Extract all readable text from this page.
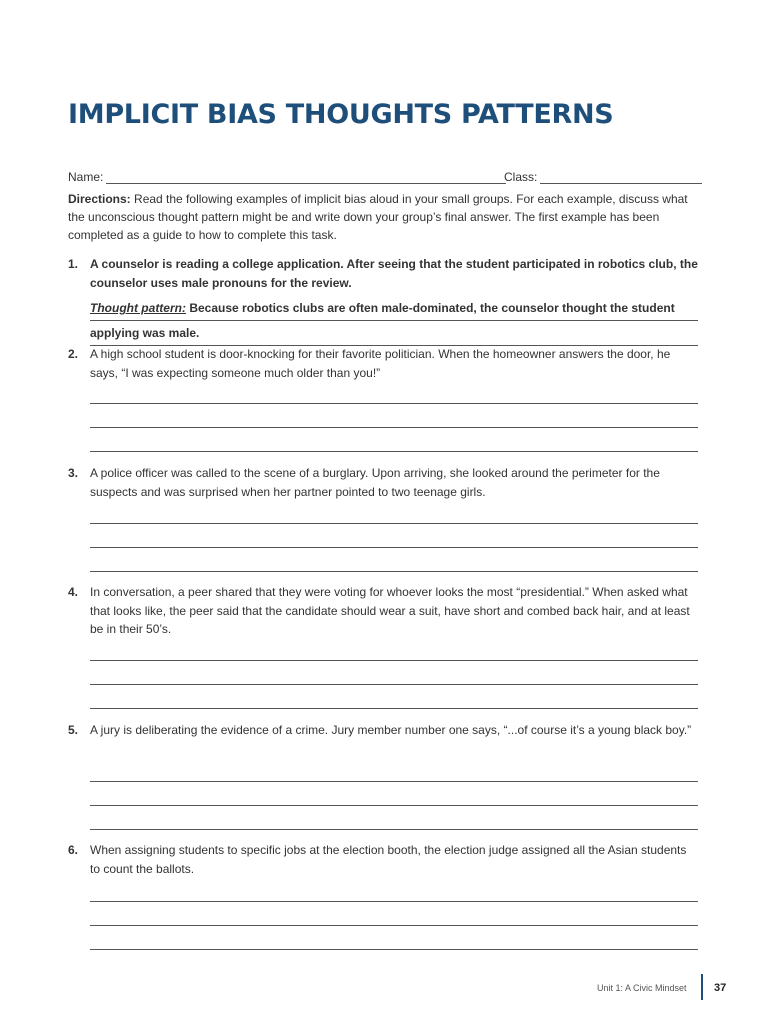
IMPLICIT BIAS THOUGHTS PATTERNS
Name:	Class:

Directions: Read the following examples of implicit bias aloud in your small groups. For each example, discuss what the unconscious thought pattern might be and write down your group’s final answer. The first example has been completed as a guide to how to complete this task.

1. A counselor is reading a college application. After seeing that the student participated in robotics club, the counselor uses male pronouns for the review.

Thought pattern: Because robotics clubs are often male-dominated, the counselor thought the student
applying was male.
2. A high school student is door-knocking for their favorite politician. When the homeowner answers the door, he says, “I was expecting someone much older than you!”

3. A police officer was called to the scene of a burglary. Upon arriving, she looked around the perimeter for the suspects and was surprised when her partner pointed to two teenage girls.

4. In conversation, a peer shared that they were voting for whoever looks the most “presidential.” When asked what that looks like, the peer said that the candidate should wear a suit, have short and combed back hair, and at least be in their 50’s.

5. A jury is deliberating the evidence of a crime. Jury member number one says, “...of course it’s a young black boy.”

6. When assigning students to specific jobs at the election booth, the election judge assigned all the Asian students to count the ballots.

Unit 1: A Civic Mindset 37
